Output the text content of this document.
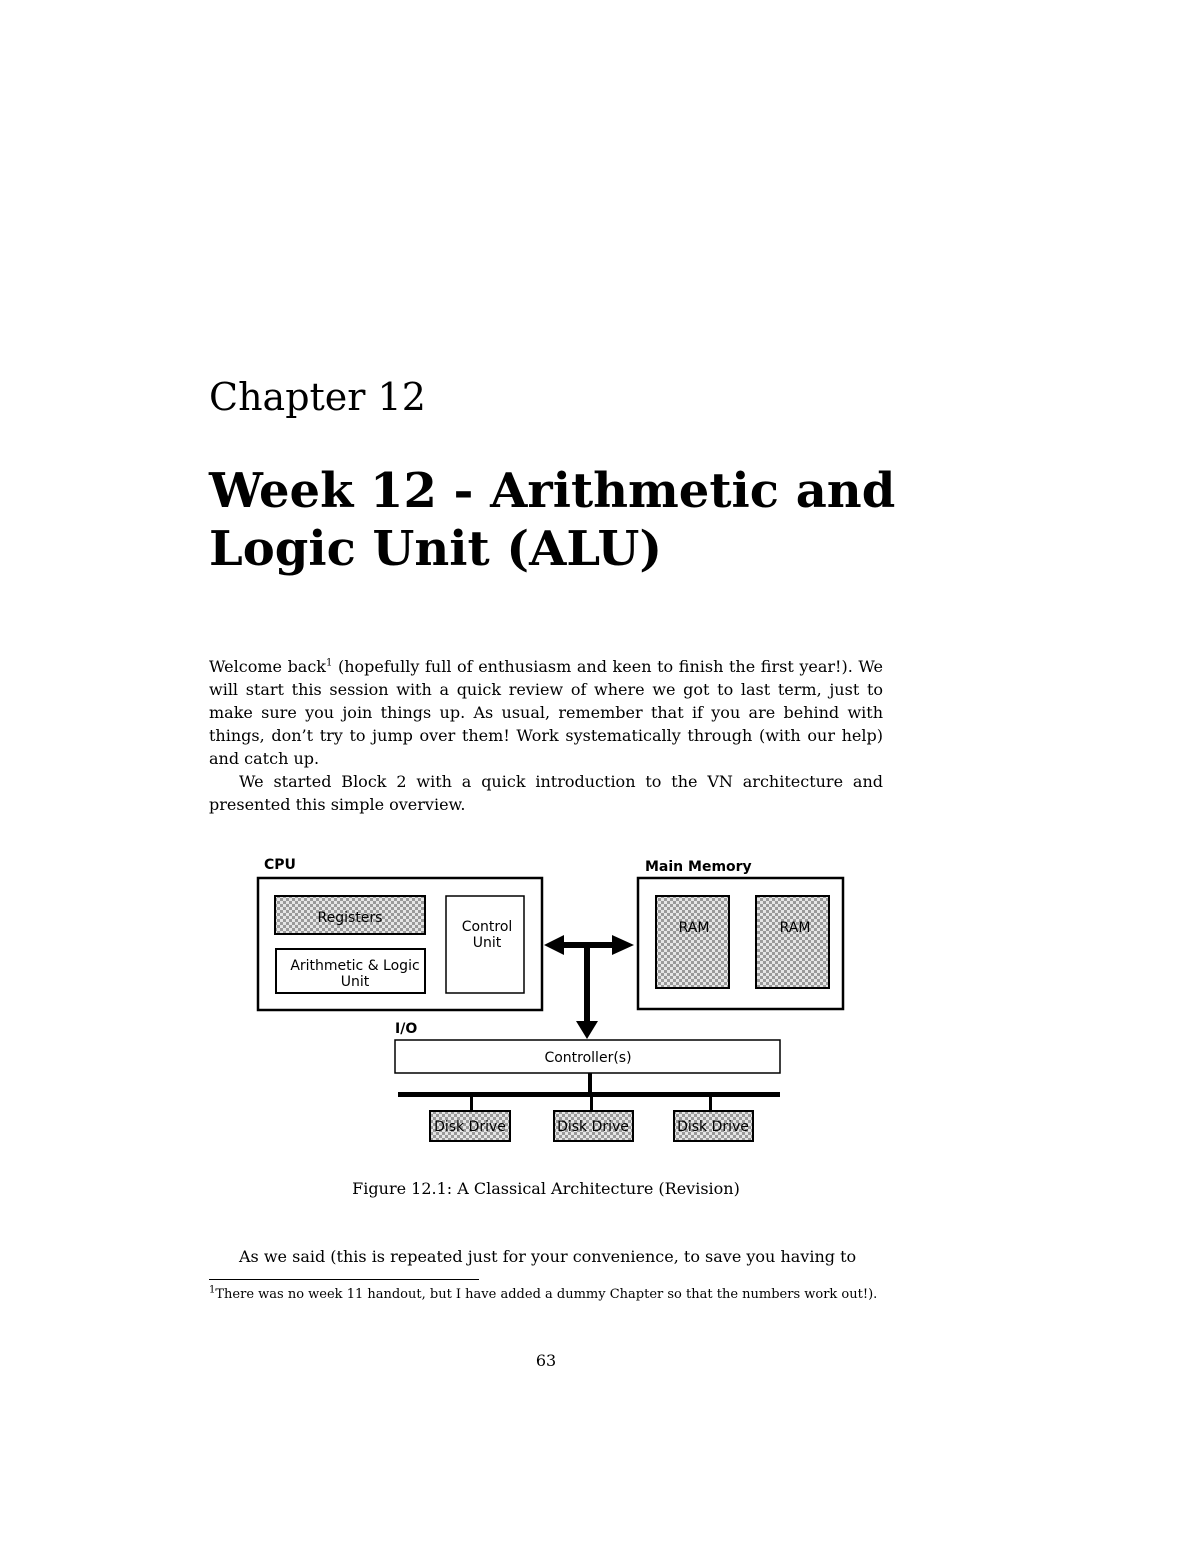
Chapter 12
Week 12 - Arithmetic and
Logic Unit (ALU)

Welcome back$^1$ (hopefully full of enthusiasm and keen to finish the first year!). We will start this session with a quick review of where we got to last term, just to make sure you join things up. As usual, remember that if you are behind with things, don’t try to jump over them! Work systematically through (with our help) and catch up.

We started Block 2 with a quick introduction to the VN architecture and presented this simple overview.

CPU
Registers
Arithmetic & Logic
Unit
Control
Unit
Main Memory
RAM	RAM
I/O
Controller(s)
Disk Drive	Disk Drive	Disk Drive
Figure 12.1: A Classical Architecture (Revision)
As we said (this is repeated just for your convenience, to save you having to
$^1$There was no week 11 handout, but I have added a dummy Chapter so that the numbers work out!).
63
